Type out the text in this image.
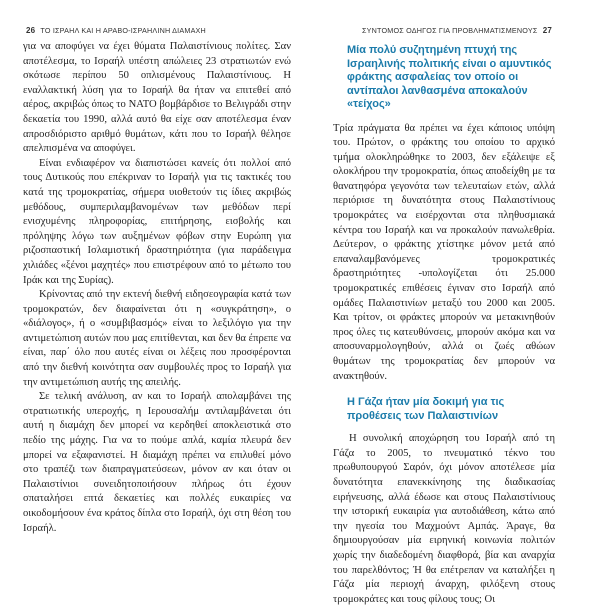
26 ΤΟ ΙΣΡΑΗΛ ΚΑΙ Η ΑΡΑΒΟ-ΙΣΡΑΗΛΙΝΗ ΔΙΑΜΑΧΗ

για να αποφύγει να έχει θύματα Παλαιστίνιους πολίτες. Σαν αποτέλεσμα, το Ισραήλ υπέστη απώλειες 23 στρατιωτών ενώ σκότωσε περίπου 50 οπλισμένους Παλαιστίνιους. Η εναλλακτική λύση για το Ισραήλ θα ήταν να επιτεθεί από αέρος, ακριβώς όπως το NATO βομβάρδισε το Βελιγράδι στην δεκαετία του 1990, αλλά αυτό θα είχε σαν αποτέλεσμα έναν απροσδιόριστο αριθμό θυμάτων, κάτι που το Ισραήλ θέλησε απελπισμένα να αποφύγει.

Είναι ενδιαφέρον να διαπιστώσει κανείς ότι πολλοί από τους Δυτικούς που επέκριναν το Ισραήλ για τις τακτικές του κατά της τρομοκρατίας, σήμερα υιοθετούν τις ίδιες ακριβώς μεθόδους, συμπεριλαμβανομένων των μεθόδων περί ενισχυμένης πληροφορίας, επιτήρησης, εισβολής και πρόληψης λόγω των αυξημένων φόβων στην Ευρώπη για ριζοσπαστική Ισλαμιστική δραστηριότητα (για παράδειγμα χιλιάδες «ξένοι μαχητές» που επιστρέφουν από το μέτωπο του Ιράκ και της Συρίας).

Κρίνοντας από την εκτενή διεθνή ειδησεογραφία κατά των τρομοκρατών, δεν διαφαίνεται ότι η «συγκράτηση», ο «διάλογος», ή ο «συμβιβασμός» είναι το λεξιλόγιο για την αντιμετώπιση αυτών που μας επιτίθενται, και δεν θα έπρεπε να είναι, παρ΄ όλο που αυτές είναι οι λέξεις που προσφέρονται από την διεθνή κοινότητα σαν συμβουλές προς το Ισραήλ για την αντιμετώπιση αυτής της απειλής.

Σε τελική ανάλυση, αν και το Ισραήλ απολαμβάνει της στρατιωτικής υπεροχής, η Ιερουσαλήμ αντιλαμβάνεται ότι αυτή η διαμάχη δεν μπορεί να κερδηθεί αποκλειστικά στο πεδίο της μάχης. Για να το πούμε απλά, καμία πλευρά δεν μπορεί να εξαφανιστεί. Η διαμάχη πρέπει να επιλυθεί μόνο στο τραπέζι των διαπραγματεύσεων, μόνον αν και όταν οι Παλαιστίνιοι συνειδητοποιήσουν πλήρως ότι έχουν σπαταλήσει επτά δεκαετίες και πολλές ευκαιρίες να οικοδομήσουν ένα κράτος δίπλα στο Ισραήλ, όχι στη θέση του Ισραήλ.

ΣΥΝΤΟΜΟΣ ΟΔΗΓΟΣ ΓΙΑ ΠΡΟΒΛΗΜΑΤΙΣΜΕΝΟΥΣ 27
Μία πολύ συζητημένη πτυχή της Ισραηλινής πολιτικής είναι ο αμυντικός φράκτης ασφαλείας τον οποίο οι αντίπαλοι λανθασμένα αποκαλούν «τείχος»

Τρία πράγματα θα πρέπει να έχει κάποιος υπόψη του. Πρώτον, ο φράκτης του οποίου το αρχικό τμήμα ολοκληρώθηκε το 2003, δεν εξάλειψε εξ ολοκλήρου την τρομοκρατία, όπως αποδείχθη με τα θανατηφόρα γεγονότα των τελευταίων ετών, αλλά περιόρισε τη δυνατότητα στους Παλαιστίνιους τρομοκράτες να εισέρχονται στα πληθυσμιακά κέντρα του Ισραήλ και να προκαλούν πανωλεθρία. Δεύτερον, ο φράκτης χτίστηκε μόνον μετά από επαναλαμβανόμενες τρομοκρατικές δραστηριότητες -υπολογίζεται ότι 25.000 τρομοκρατικές επιθέσεις έγιναν στο Ισραήλ από ομάδες Παλαιστινίων μεταξύ του 2000 και 2005. Και τρίτον, οι φράκτες μπορούν να μετακινηθούν προς όλες τις κατευθύνσεις, μπορούν ακόμα και να αποσυναρμολογηθούν, αλλά οι ζωές αθώων θυμάτων της τρομοκρατίας δεν μπορούν να ανακτηθούν.

Η Γάζα ήταν μία δοκιμή για τις προθέσεις των Παλαιστινίων

Η συνολική αποχώρηση του Ισραήλ από τη Γάζα το 2005, το πνευματικό τέκνο του πρωθυπουργού Σαρόν, όχι μόνον αποτέλεσε μία δυνατότητα επανεκκίνησης της διαδικασίας ειρήνευσης, αλλά έδωσε και στους Παλαιστίνιους την ιστορική ευκαιρία για αυτοδιάθεση, κάτω από την ηγεσία του Μαχμούντ Αμπάς. Άραγε, θα δημιουργούσαν μία ειρηνική κοινωνία πολιτών χωρίς την διαδεδομένη διαφθορά, βία και αναρχία του παρελθόντος; Ή θα επέτρεπαν να καταλήξει η Γάζα μία περιοχή άναρχη, φιλόξενη στους τρομοκράτες και τους φίλους τους; Οι
